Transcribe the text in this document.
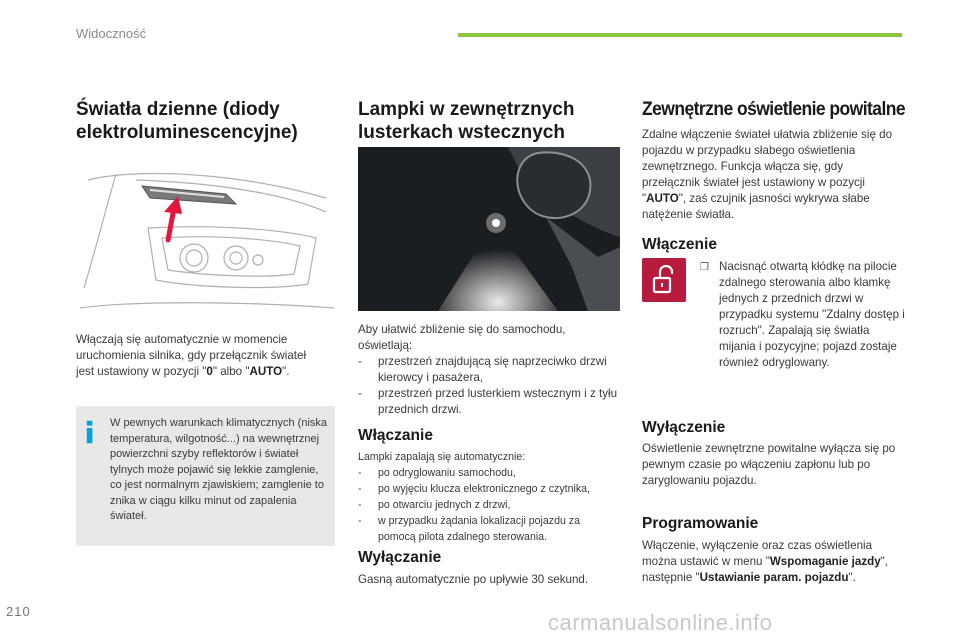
Widoczność
Światła dzienne (diody elektroluminescencyjne)

Włączają się automatycznie w momencie uruchomienia silnika, gdy przełącznik świateł jest ustawiony w pozycji "0" albo "AUTO".

W pewnych warunkach klimatycznych (niska temperatura, wilgotność...) na wewnętrznej powierzchni szyby reflektorów i świateł tylnych może pojawić się lekkie zamglenie, co jest normalnym zjawiskiem; zamglenie to znika w ciągu kilku minut od zapalenia świateł.
Lampki w zewnętrznych lusterkach wstecznych
Aby ułatwić zbliżenie się do samochodu, oświetlają:
- przestrzeń znajdującą się naprzeciwko drzwi kierowcy i pasażera,
- przestrzeń przed lusterkiem wstecznym i z tyłu przednich drzwi.
Włączanie
Lampki zapalają się automatycznie:
- po odryglowaniu samochodu,
- po wyjęciu klucza elektronicznego z czytnika,
- po otwarciu jednych z drzwi,
- w przypadku żądania lokalizacji pojazdu za pomocą pilota zdalnego sterowania.
Wyłączanie

Gasną automatycznie po upływie 30 sekund.

Zewnętrzne oświetlenie powitalne

Zdalne włączenie świateł ułatwia zbliżenie się do pojazdu w przypadku słabego oświetlenia zewnętrznego. Funkcja włącza się, gdy przełącznik świateł jest ustawiony w pozycji "AUTO", zaś czujnik jasności wykrywa słabe natężenie światła.

Włączenie
❒ Nacisnąć otwartą kłódkę na pilocie zdalnego sterowania albo klamkę jednych z przednich drzwi w przypadku systemu "Zdalny dostęp i rozruch". Zapalają się światła mijania i pozycyjne; pojazd zostaje również odryglowany.

Wyłączenie

Oświetlenie zewnętrzne powitalne wyłącza się po pewnym czasie po włączeniu zapłonu lub po zaryglowaniu pojazdu.

Programowanie

Włączenie, wyłączenie oraz czas oświetlenia można ustawić w menu "Wspomaganie jazdy", następnie "Ustawianie param. pojazdu".

210	carmanualsonline.info
